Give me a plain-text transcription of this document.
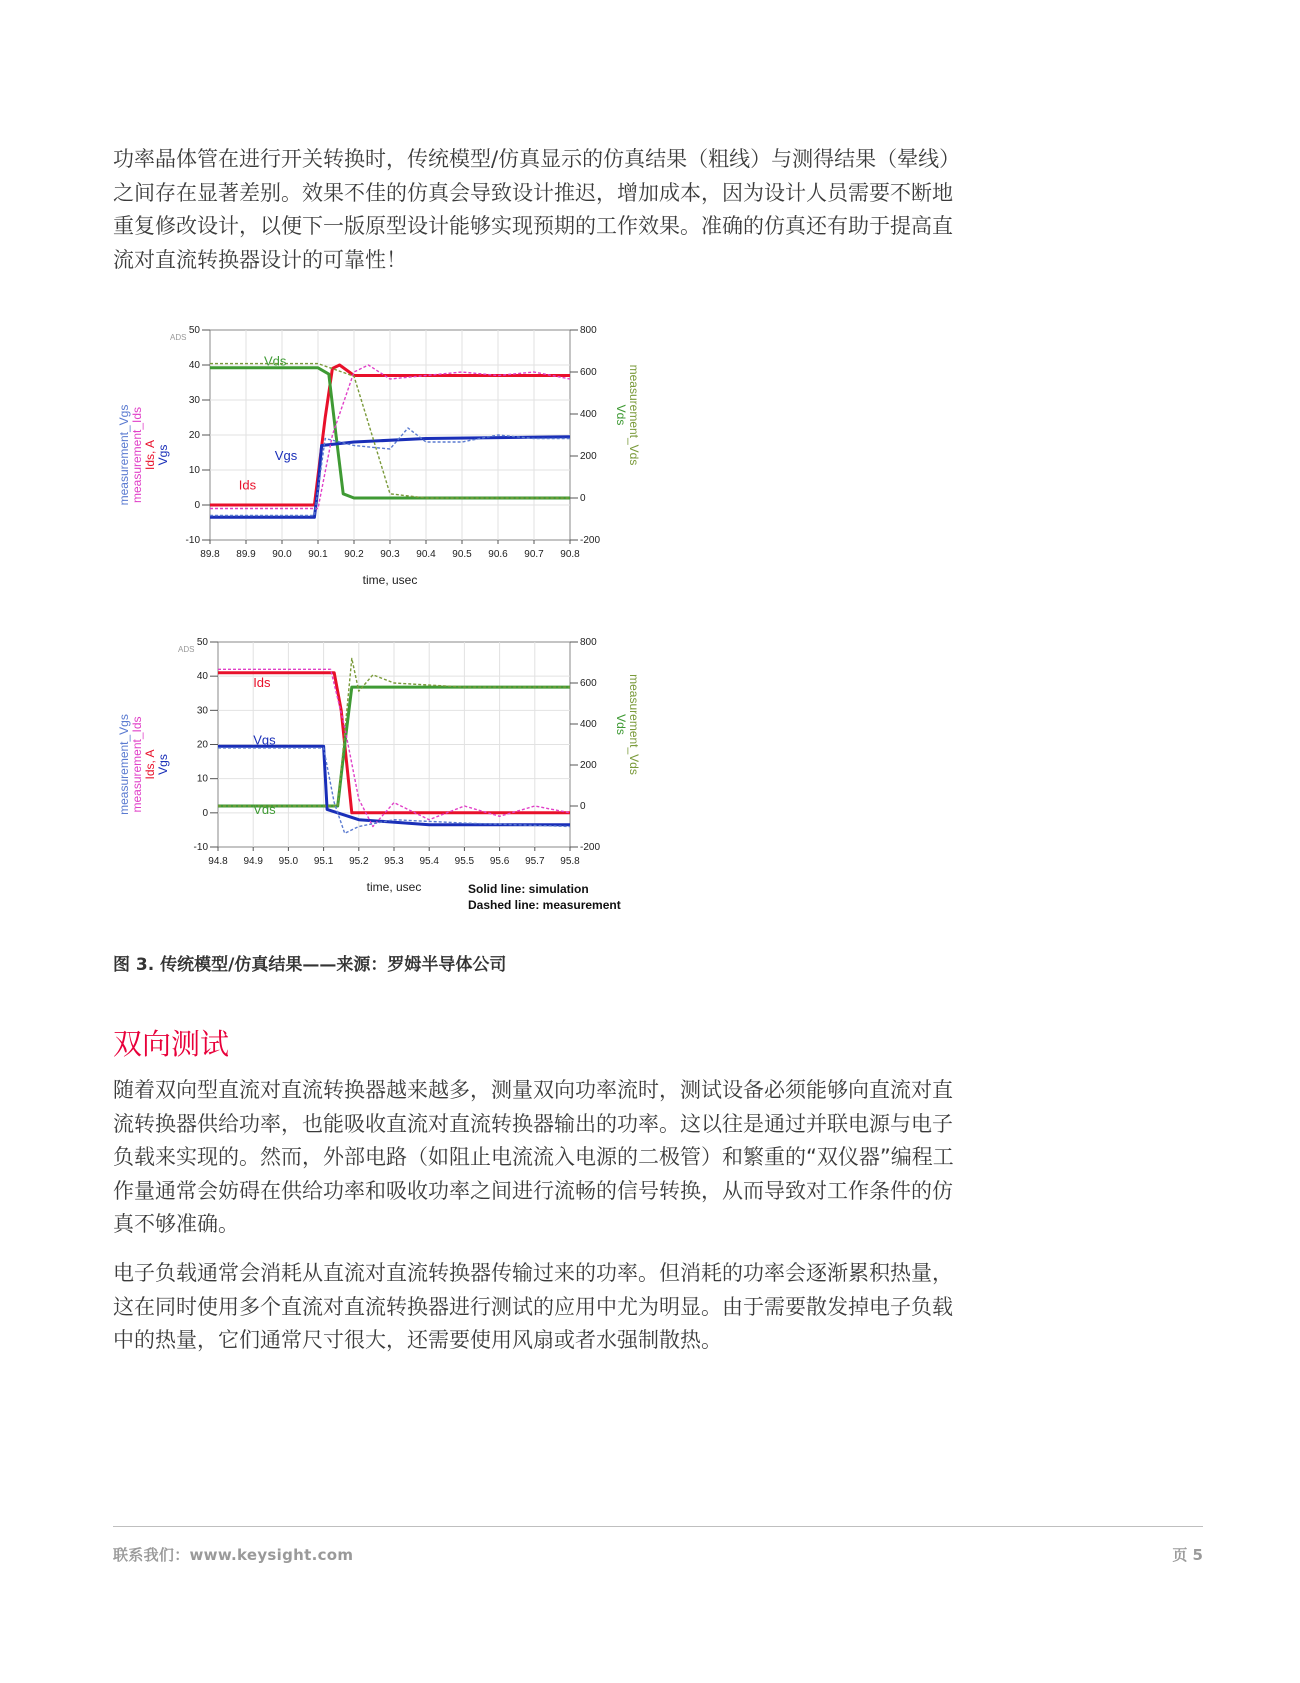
功率晶体管在进行开关转换时，传统模型/仿真显示的仿真结果（粗线）与测得结果（晕线）之间存在显著差别。效果不佳的仿真会导致设计推迟，增加成本，因为设计人员需要不断地重复修改设计，以便下一版原型设计能够实现预期的工作效果。准确的仿真还有助于提高直流对直流转换器设计的可靠性！

89.8 89.9 90.0 90.1 90.2 90.3 90.4 90.5 90.6 90.7 90.8
50
40
30
20
10
0
-10
800
600
400
200
0
-200
ADS
time, usec
measurement_Vgs measurement_Ids Ids, A Vgs	measurement_Vds
Vds
Vds
Vgs
Ids
94.8 94.9 95.0 95.1 95.2 95.3 95.4 95.5 95.6 95.7 95.8
50
40
30
20
10
0
-10
800
600
400
200
0
-200
ADS
time, usec
measurement_Vgs measurement_Ids Ids, A Vgs	measurement_Vds
Vds
Vds
Vgs
Ids
Solid line: simulation
Dashed line: measurement

图 3. 传统模型/仿真结果——来源：罗姆半导体公司

双向测试

随着双向型直流对直流转换器越来越多，测量双向功率流时，测试设备必须能够向直流对直流转换器供给功率，也能吸收直流对直流转换器输出的功率。这以往是通过并联电源与电子负载来实现的。然而，外部电路（如阻止电流流入电源的二极管）和繁重的“双仪器”编程工作量通常会妨碍在供给功率和吸收功率之间进行流畅的信号转换，从而导致对工作条件的仿真不够准确。

电子负载通常会消耗从直流对直流转换器传输过来的功率。但消耗的功率会逐渐累积热量，这在同时使用多个直流对直流转换器进行测试的应用中尤为明显。由于需要散发掉电子负载中的热量，它们通常尺寸很大，还需要使用风扇或者水强制散热。

联系我们：www.keysight.com	页 5
